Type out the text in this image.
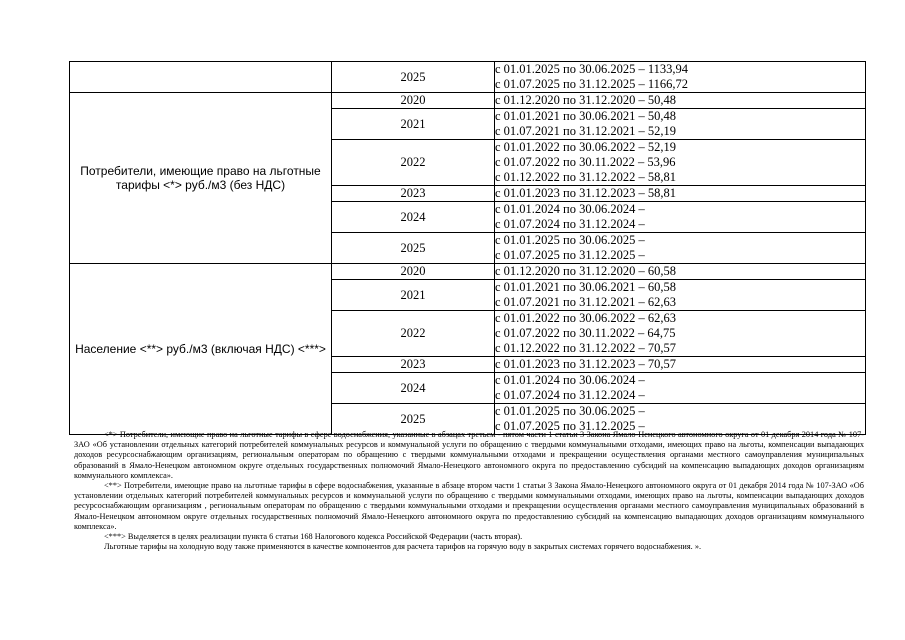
	2025	с 01.01.2025 по 30.06.2025 – 1133,94
с 01.07.2025 по 31.12.2025 – 1166,72

Потребители, имеющие право на льготные тарифы <*> руб./м3 (без НДС)	2020	с 01.12.2020 по 31.12.2020 – 50,48

	2021	с 01.01.2021 по 30.06.2021 – 50,48
с 01.07.2021 по 31.12.2021 – 52,19

	2022	с 01.01.2022 по 30.06.2022 – 52,19
с 01.07.2022 по 30.11.2022 – 53,96
с 01.12.2022 по 31.12.2022 – 58,81

	2023	с 01.01.2023 по 31.12.2023 – 58,81

	2024	с 01.01.2024 по 30.06.2024 –
с 01.07.2024 по 31.12.2024 –

	2025	с 01.01.2025 по 30.06.2025 –
с 01.07.2025 по 31.12.2025 –

Население <**> руб./м3 (включая НДС) <***>	2020	с 01.12.2020 по 31.12.2020 – 60,58

	2021	с 01.01.2021 по 30.06.2021 – 60,58
с 01.07.2021 по 31.12.2021 – 62,63

	2022	с 01.01.2022 по 30.06.2022 – 62,63
с 01.07.2022 по 30.11.2022 – 64,75
с 01.12.2022 по 31.12.2022 – 70,57

	2023	с 01.01.2023 по 31.12.2023 – 70,57

	2024	с 01.01.2024 по 30.06.2024 –
с 01.07.2024 по 31.12.2024 –

	2025	с 01.01.2025 по 30.06.2025 –
с 01.07.2025 по 31.12.2025 –

<*> Потребители, имеющие право на льготные тарифы в сфере водоснабжения, указанные в абзацах третьем - пятом части 1 статьи 3 Закона Ямало-Ненецкого автономного округа от 01 декабря 2014 года № 107-ЗАО «Об установлении отдельных категорий потребителей коммунальных ресурсов и коммунальной услуги по обращению с твердыми коммунальными отходами, имеющих право на льготы, компенсации выпадающих доходов ресурсоснабжающим организациям, региональным операторам по обращению с твердыми коммунальными отходами и прекращении осуществления органами местного самоуправления муниципальных образований в Ямало-Ненецком автономном округе отдельных государственных полномочий Ямало-Ненецкого автономного округа по предоставлению субсидий на компенсацию выпадающих доходов организациям коммунального комплекса».

<**> Потребители, имеющие право на льготные тарифы в сфере водоснабжения, указанные в абзаце втором части 1 статьи 3 Закона Ямало-Ненецкого автономного округа от 01 декабря 2014 года № 107-ЗАО «Об установлении отдельных категорий потребителей коммунальных ресурсов и коммунальной услуги по обращению с твердыми коммунальными отходами, имеющих право на льготы, компенсации выпадающих доходов ресурсоснабжающим организациям , региональным операторам по обращению с твердыми коммунальными отходами и прекращении осуществления органами местного самоуправления муниципальных образований в Ямало-Ненецком автономном округе отдельных государственных полномочий Ямало-Ненецкого автономного округа по предоставлению субсидий на компенсацию выпадающих доходов организациям коммунального комплекса».

<***> Выделяется в целях реализации пункта 6 статьи 168 Налогового кодекса Российской Федерации (часть вторая).

Льготные тарифы на холодную воду также применяются в качестве компонентов для расчета тарифов на горячую воду в закрытых системах горячего водоснабжения. ».
